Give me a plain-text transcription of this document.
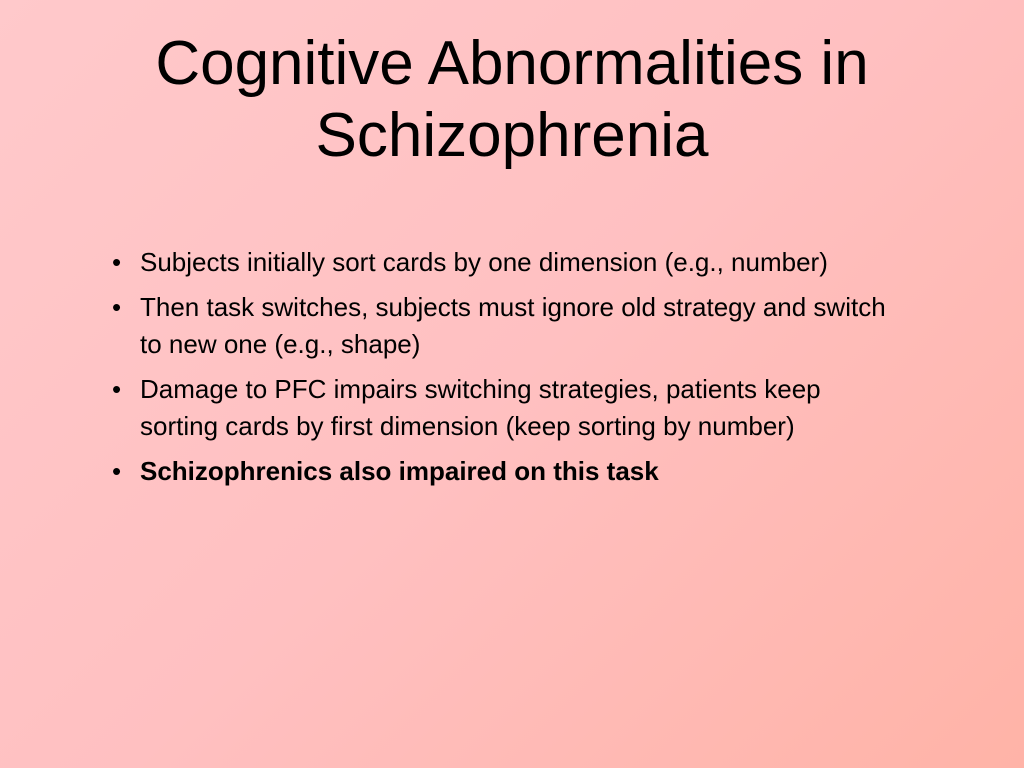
Cognitive Abnormalities in
Schizophrenia
• Subjects initially sort cards by one dimension (e.g., number)
• Then task switches, subjects must ignore old strategy and switch to new one (e.g., shape)
• Damage to PFC impairs switching strategies, patients keep sorting cards by first dimension (keep sorting by number)
• Schizophrenics also impaired on this task
